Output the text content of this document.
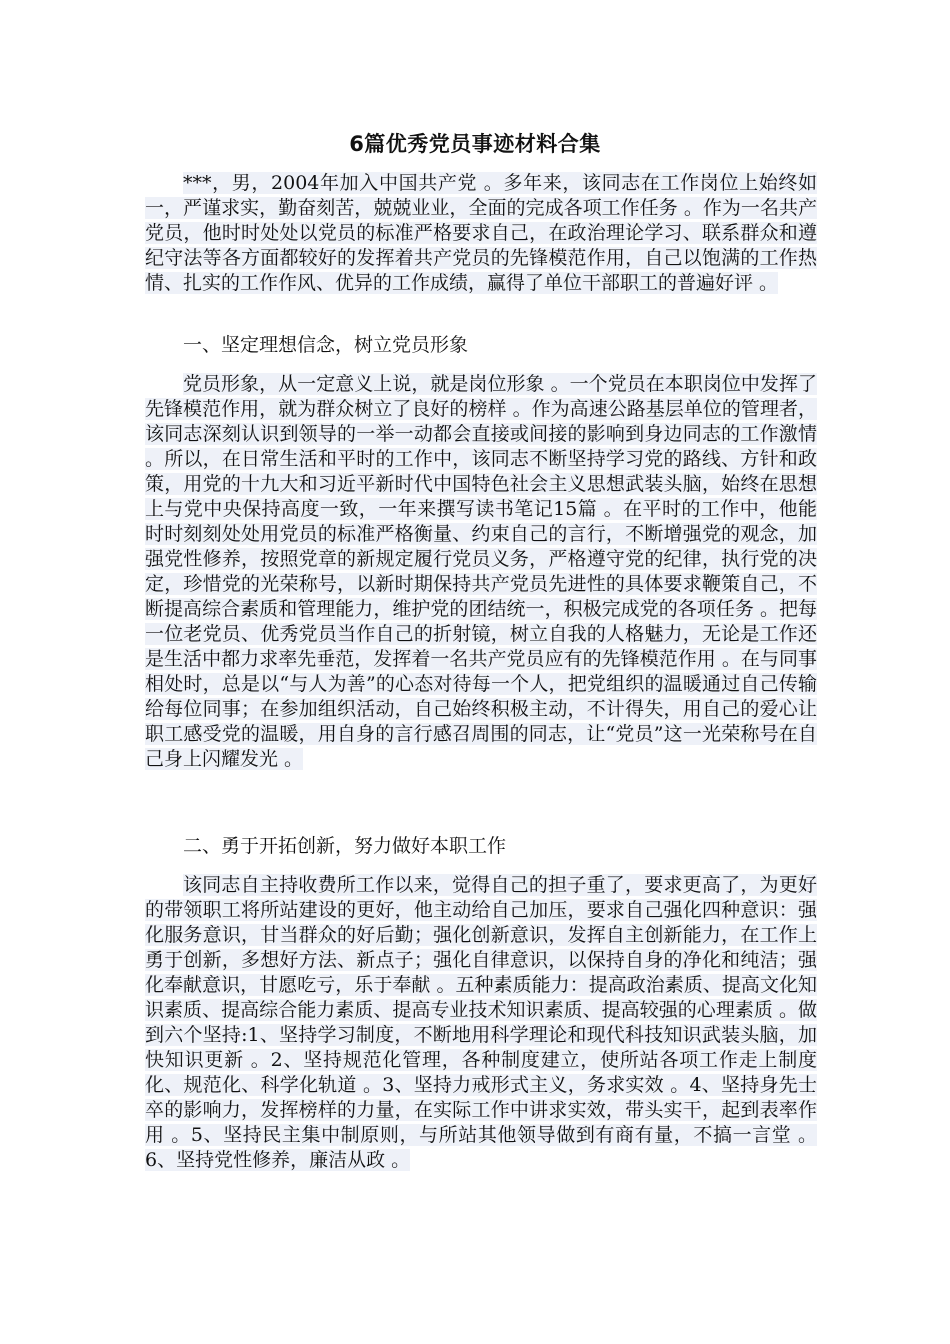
6篇优秀党员事迹材料合集

***，男，2004年加入中国共产党 。多年来，该同志在工作岗位上始终如一，严谨求实，勤奋刻苦，兢兢业业，全面的完成各项工作任务 。作为一名共产党员，他时时处处以党员的标准严格要求自己，在政治理论学习、联系群众和遵纪守法等各方面都较好的发挥着共产党员的先锋模范作用，自己以饱满的工作热情、扎实的工作作风、优异的工作成绩，赢得了单位干部职工的普遍好评 。

一、坚定理想信念，树立党员形象

党员形象，从一定意义上说，就是岗位形象 。一个党员在本职岗位中发挥了先锋模范作用，就为群众树立了良好的榜样 。作为高速公路基层单位的管理者，该同志深刻认识到领导的一举一动都会直接或间接的影响到身边同志的工作激情 。所以，在日常生活和平时的工作中，该同志不断坚持学习党的路线、方针和政策，用党的十九大和习近平新时代中国特色社会主义思想武装头脑，始终在思想上与党中央保持高度一致，一年来撰写读书笔记15篇 。在平时的工作中，他能时时刻刻处处用党员的标准严格衡量、约束自己的言行，不断增强党的观念，加强党性修养，按照党章的新规定履行党员义务，严格遵守党的纪律，执行党的决定，珍惜党的光荣称号，以新时期保持共产党员先进性的具体要求鞭策自己，不断提高综合素质和管理能力，维护党的团结统一，积极完成党的各项任务 。把每一位老党员、优秀党员当作自己的折射镜，树立自我的人格魅力，无论是工作还是生活中都力求率先垂范，发挥着一名共产党员应有的先锋模范作用 。在与同事相处时，总是以“与人为善”的心态对待每一个人，把党组织的温暖通过自己传输给每位同事；在参加组织活动，自己始终积极主动，不计得失，用自己的爱心让职工感受党的温暖，用自身的言行感召周围的同志，让“党员”这一光荣称号在自己身上闪耀发光 。

二、勇于开拓创新，努力做好本职工作

该同志自主持收费所工作以来，觉得自己的担子重了，要求更高了，为更好的带领职工将所站建设的更好，他主动给自己加压，要求自己强化四种意识：强化服务意识，甘当群众的好后勤；强化创新意识，发挥自主创新能力，在工作上勇于创新，多想好方法、新点子；强化自律意识，以保持自身的净化和纯洁；强化奉献意识，甘愿吃亏，乐于奉献 。五种素质能力：提高政治素质、提高文化知识素质、提高综合能力素质、提高专业技术知识素质、提高较强的心理素质 。做到六个坚持:1、坚持学习制度，不断地用科学理论和现代科技知识武装头脑，加快知识更新 。2、坚持规范化管理，各种制度建立，使所站各项工作走上制度化、规范化、科学化轨道 。3、坚持力戒形式主义，务求实效 。4、坚持身先士卒的影响力，发挥榜样的力量，在实际工作中讲求实效，带头实干，起到表率作用 。5、坚持民主集中制原则，与所站其他领导做到有商有量，不搞一言堂 。6、坚持党性修养，廉洁从政 。
